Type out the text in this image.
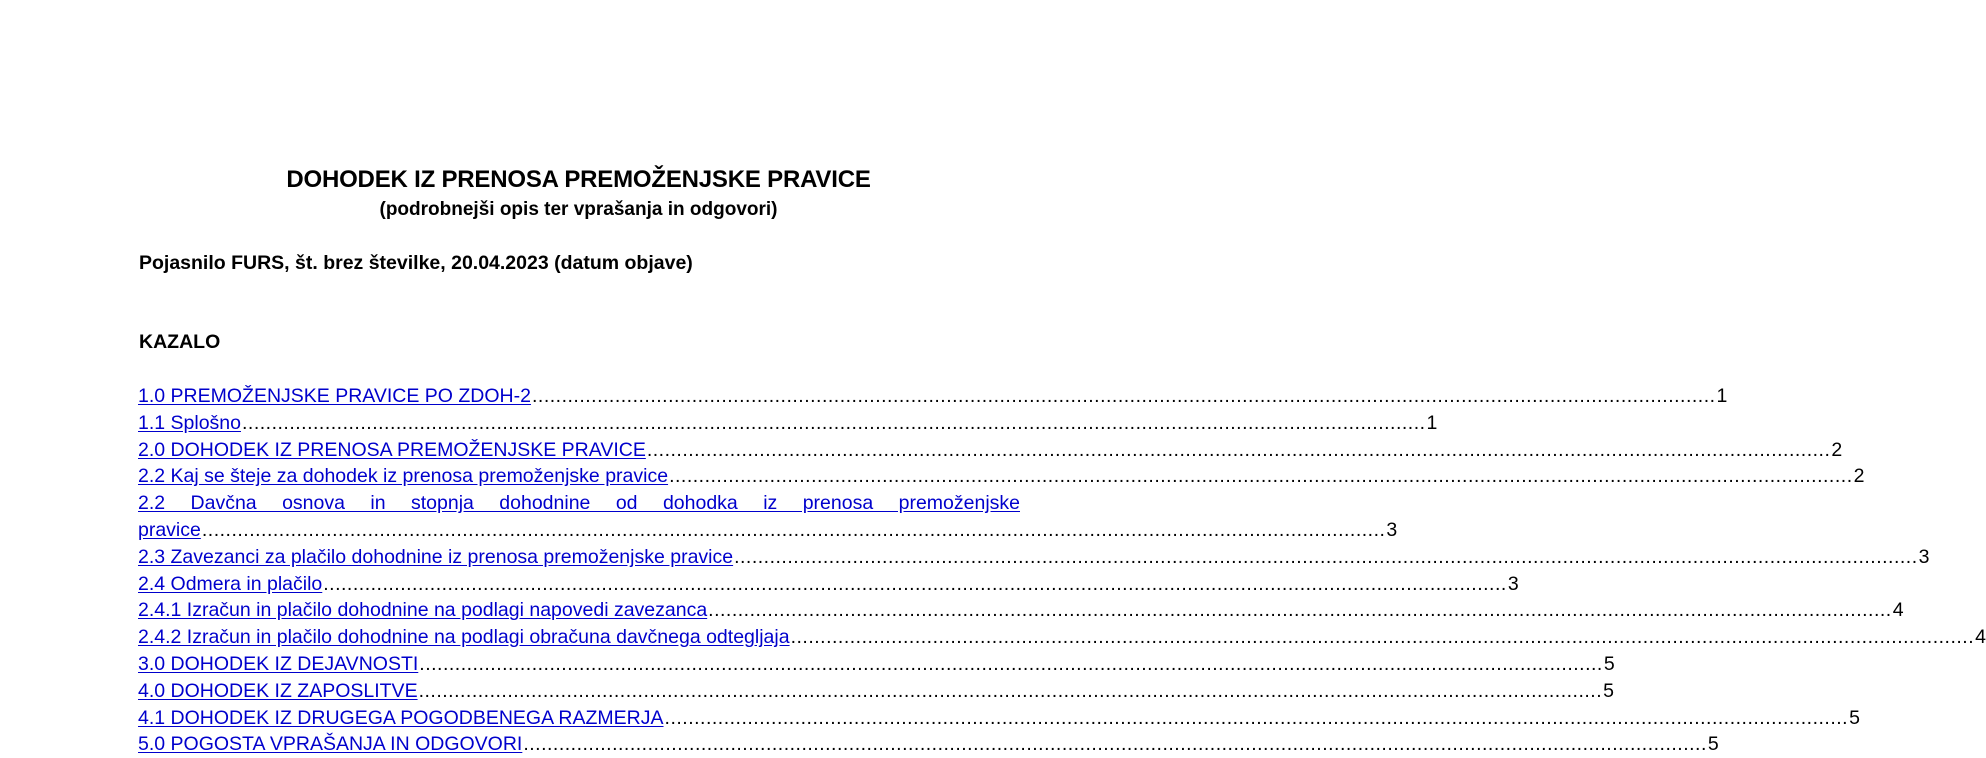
DOHODEK IZ PRENOSA PREMOŽENJSKE PRAVICE
(podrobnejši opis ter vprašanja in odgovori)
Pojasnilo FURS, št. brez številke, 20.04.2023 (datum objave)
KAZALO
1.0 PREMOŽENJSKE PRAVICE PO ZDOH-2 .....	1
1.1 Splošno .....	1
2.0 DOHODEK IZ PRENOSA PREMOŽENJSKE PRAVICE .....	2
2.2 Kaj se šteje za dohodek iz prenosa premoženjske pravice .....	2
2.2 Davčna osnova in stopnja dohodnine od dohodka iz prenosa premoženjske
pravice .....	3
2.3 Zavezanci za plačilo dohodnine iz prenosa premoženjske pravice .....	3
2.4 Odmera in plačilo .....	3
2.4.1 Izračun in plačilo dohodnine na podlagi napovedi zavezanca .....	4
2.4.2 Izračun in plačilo dohodnine na podlagi obračuna davčnega odtegljaja .....	4
3.0 DOHODEK IZ DEJAVNOSTI .....	5
4.0 DOHODEK IZ ZAPOSLITVE .....	5
4.1 DOHODEK IZ DRUGEGA POGODBENEGA RAZMERJA .....	5
5.0 POGOSTA VPRAŠANJA IN ODGOVORI .....	5
